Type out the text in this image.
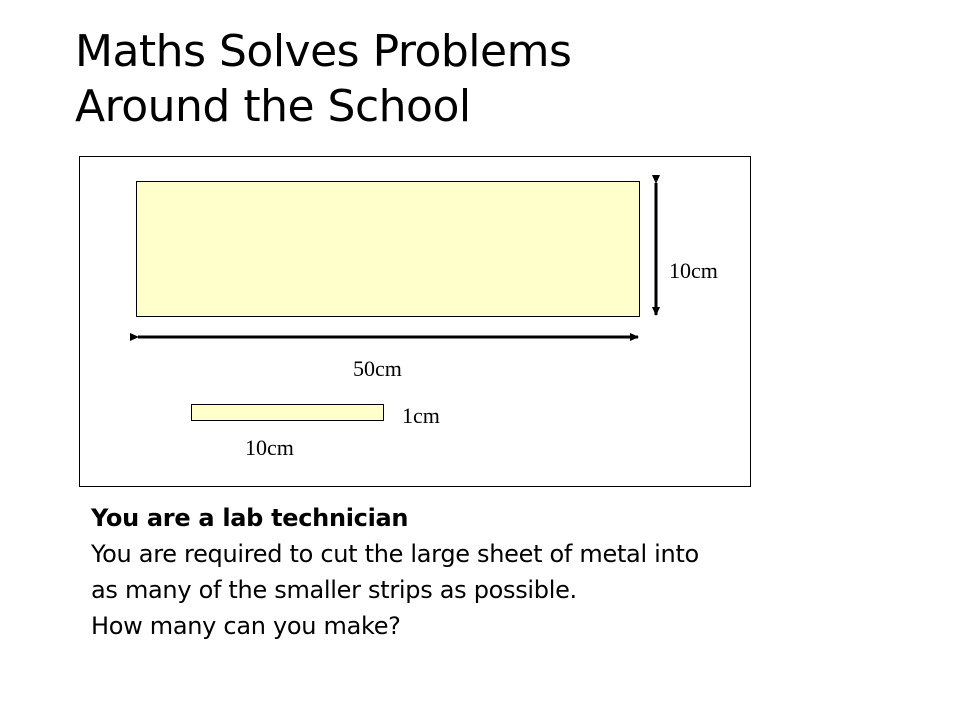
Maths Solves Problems
Around the School
10cm
50cm
1cm
10cm
You are a lab technician
You are required to cut the large sheet of metal into
as many of the smaller strips as possible.
How many can you make?
